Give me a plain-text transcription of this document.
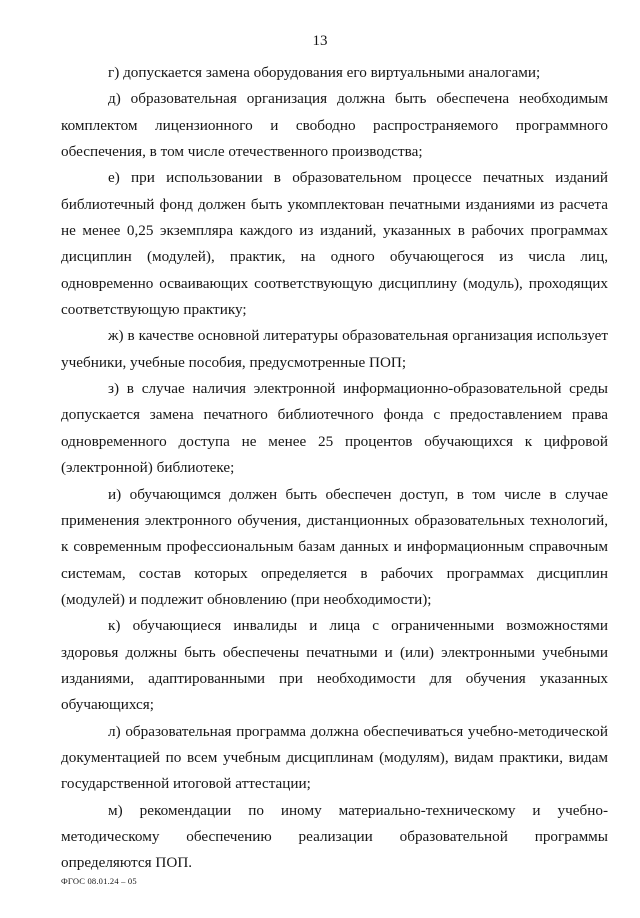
13

г) допускается замена оборудования его виртуальными аналогами;

д) образовательная организация должна быть обеспечена необходимым комплектом лицензионного и свободно распространяемого программного обеспечения, в том числе отечественного производства;

е) при использовании в образовательном процессе печатных изданий библиотечный фонд должен быть укомплектован печатными изданиями из расчета не менее 0,25 экземпляра каждого из изданий, указанных в рабочих программах дисциплин (модулей), практик, на одного обучающегося из числа лиц, одновременно осваивающих соответствующую дисциплину (модуль), проходящих соответствующую практику;

ж) в качестве основной литературы образовательная организация использует учебники, учебные пособия, предусмотренные ПОП;

з) в случае наличия электронной информационно-образовательной среды допускается замена печатного библиотечного фонда с предоставлением права одновременного доступа не менее 25 процентов обучающихся к цифровой (электронной) библиотеке;

и) обучающимся должен быть обеспечен доступ, в том числе в случае применения электронного обучения, дистанционных образовательных технологий, к современным профессиональным базам данных и информационным справочным системам, состав которых определяется в рабочих программах дисциплин (модулей) и подлежит обновлению (при необходимости);

к) обучающиеся инвалиды и лица с ограниченными возможностями здоровья должны быть обеспечены печатными и (или) электронными учебными изданиями, адаптированными при необходимости для обучения указанных обучающихся;

л) образовательная программа должна обеспечиваться учебно-методической документацией по всем учебным дисциплинам (модулям), видам практики, видам государственной итоговой аттестации;

м) рекомендации по иному материально-техническому и учебно-методическому обеспечению реализации образовательной программы определяются ПОП.

ФГОС 08.01.24 – 05
